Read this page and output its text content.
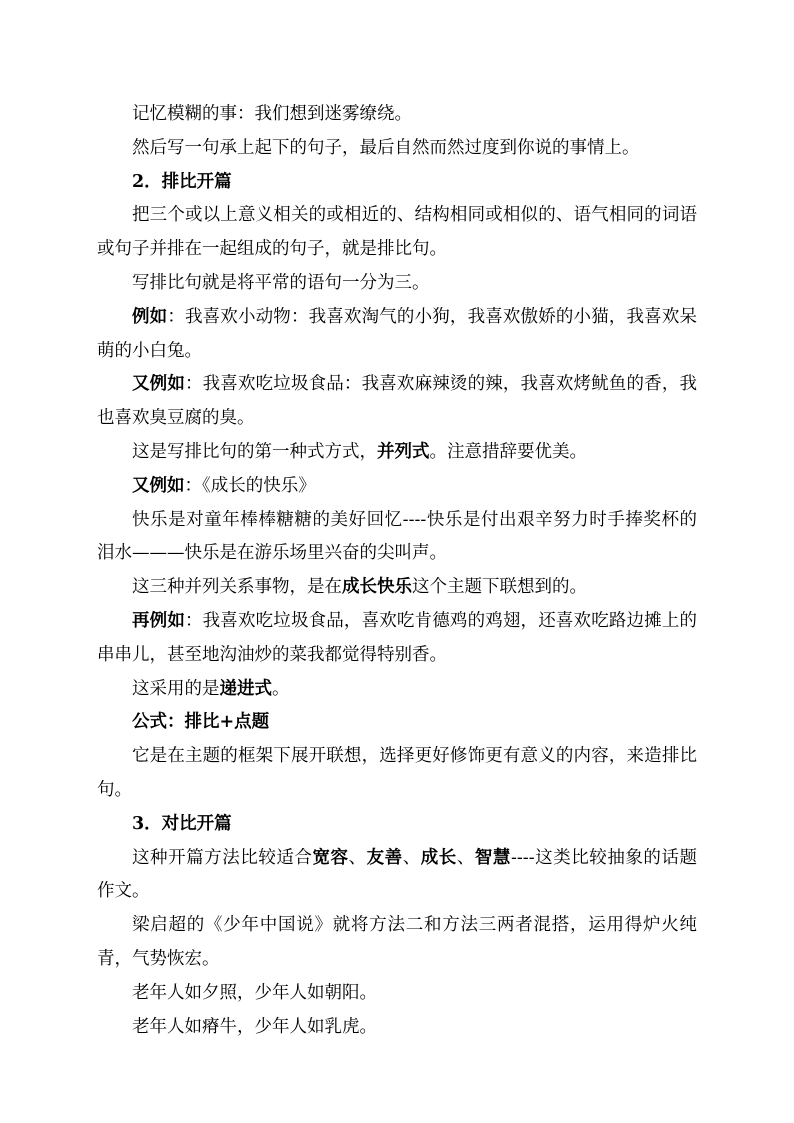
记忆模糊的事：我们想到迷雾缭绕。

然后写一句承上起下的句子，最后自然而然过度到你说的事情上。

2．排比开篇

把三个或以上意义相关的或相近的、结构相同或相似的、语气相同的词语或句子并排在一起组成的句子，就是排比句。

写排比句就是将平常的语句一分为三。

例如：我喜欢小动物：我喜欢淘气的小狗，我喜欢傲娇的小猫，我喜欢呆萌的小白兔。

又例如：我喜欢吃垃圾食品：我喜欢麻辣烫的辣，我喜欢烤鱿鱼的香，我也喜欢臭豆腐的臭。

这是写排比句的第一种式方式，并列式。注意措辞要优美。

又例如：《成长的快乐》

快乐是对童年棒棒糖糖的美好回忆----快乐是付出艰辛努力时手捧奖杯的泪水———快乐是在游乐场里兴奋的尖叫声。

这三种并列关系事物，是在成长快乐这个主题下联想到的。

再例如：我喜欢吃垃圾食品，喜欢吃肯德鸡的鸡翅，还喜欢吃路边摊上的串串儿，甚至地沟油炒的菜我都觉得特别香。

这采用的是递进式。

公式：排比+点题

它是在主题的框架下展开联想，选择更好修饰更有意义的内容，来造排比句。

3．对比开篇

这种开篇方法比较适合宽容、友善、成长、智慧----这类比较抽象的话题作文。

梁启超的《少年中国说》就将方法二和方法三两者混搭，运用得炉火纯青，气势恢宏。

老年人如夕照，少年人如朝阳。

老年人如瘠牛，少年人如乳虎。
